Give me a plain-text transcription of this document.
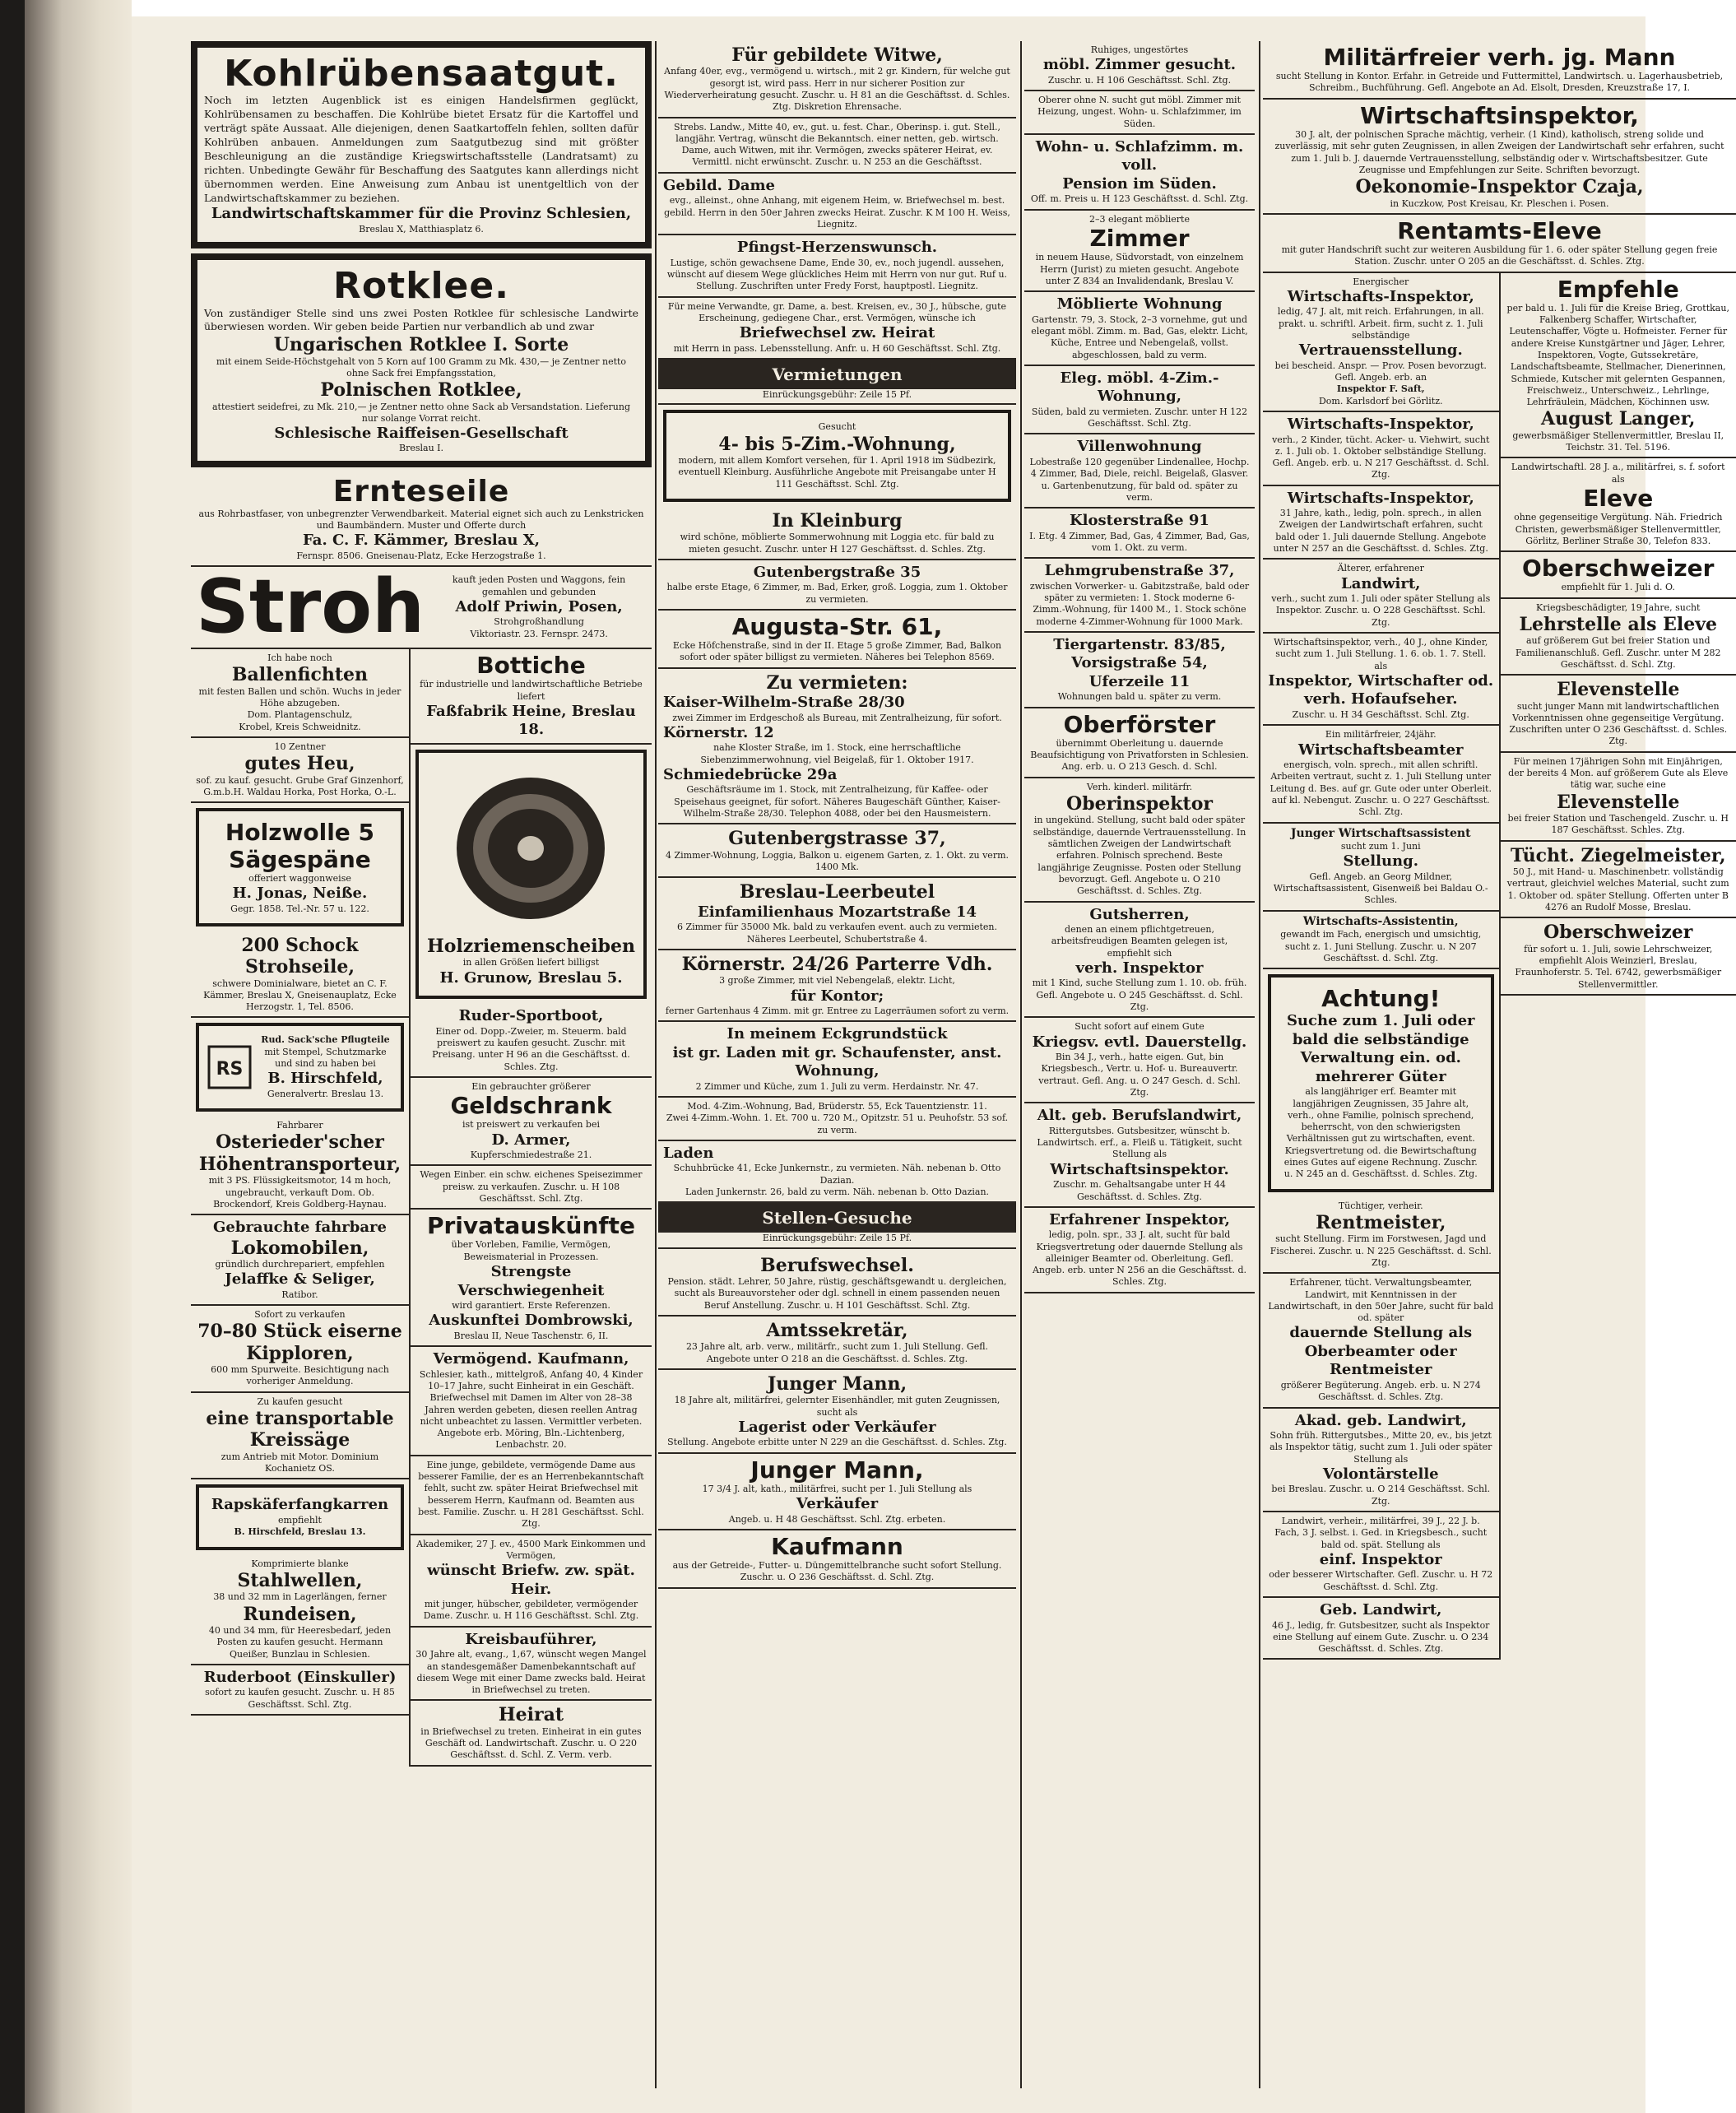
Kohlrübensaatgut.
Noch im letzten Augenblick ist es einigen Handelsfirmen geglückt, Kohlrübensamen zu beschaffen. Die Kohlrübe bietet Ersatz für die Kartoffel und verträgt späte Aussaat. Alle diejenigen, denen Saatkartoffeln fehlen, sollten dafür Kohlrüben anbauen. Anmeldungen zum Saatgutbezug sind mit größter Beschleunigung an die zuständige Kriegswirtschaftsstelle (Landratsamt) zu richten. Unbedingte Gewähr für Beschaffung des Saatgutes kann allerdings nicht übernommen werden. Eine Anweisung zum Anbau ist unentgeltlich von der Landwirtschaftskammer zu beziehen.
Landwirtschaftskammer für die Provinz Schlesien,
Breslau X, Matthiasplatz 6.
Rotklee.
Von zuständiger Stelle sind uns zwei Posten Rotklee für schlesische Landwirte überwiesen worden. Wir geben beide Partien nur verbandlich ab und zwar
Ungarischen Rotklee I. Sorte
mit einem Seide-Höchstgehalt von 5 Korn auf 100 Gramm zu Mk. 430,— je Zentner netto ohne Sack frei Empfangsstation,
Polnischen Rotklee,
attestiert seidefrei, zu Mk. 210,— je Zentner netto ohne Sack ab Versandstation. Lieferung nur solange Vorrat reicht.
Schlesische Raiffeisen-Gesellschaft
Breslau I.
Ernteseile
aus Rohrbastfaser, von unbegrenzter Verwendbarkeit. Material eignet sich auch zu Lenkstricken und Baumbändern. Muster und Offerte durch
Fa. C. F. Kämmer, Breslau X,
Fernspr. 8506. Gneisenau-Platz, Ecke Herzogstraße 1.
Stroh	kauft jeden Posten und Waggons, fein gemahlen und gebunden
Adolf Priwin, Posen,
Strohgroßhandlung
Viktoriastr. 23. Fernspr. 2473.
Ich habe noch
Ballenfichten
mit festen Ballen und schön. Wuchs in jeder Höhe abzugeben.
Dom. Plantagenschulz,
Krobel, Kreis Schweidnitz.
10 Zentner
gutes Heu,
sof. zu kauf. gesucht. Grube Graf Ginzenhorf, G.m.b.H. Waldau Horka, Post Horka, O.-L.
Holzwolle 5
Sägespäne
offeriert waggonweise
H. Jonas, Neiße.
Gegr. 1858. Tel.-Nr. 57 u. 122.
200 Schock Strohseile,
schwere Dominialware, bietet an C. F. Kämmer, Breslau X, Gneisenauplatz, Ecke Herzogstr. 1, Tel. 8506.
RS
Rud. Sack'sche Pflugteile
mit Stempel, Schutzmarke und sind zu haben bei
B. Hirschfeld,
Generalvertr. Breslau 13.
Fahrbarer
Osterieder'scher
Höhentransporteur,
mit 3 PS. Flüssigkeitsmotor, 14 m hoch, ungebraucht, verkauft Dom. Ob. Brockendorf, Kreis Goldberg-Haynau.
Gebrauchte fahrbare
Lokomobilen,
gründlich durchrepariert, empfehlen
Jelaffke & Seliger,
Ratibor.
Sofort zu verkaufen
70–80 Stück eiserne Kipploren,
600 mm Spurweite. Besichtigung nach vorheriger Anmeldung.
Zu kaufen gesucht
eine transportable Kreissäge
zum Antrieb mit Motor. Dominium Kochanietz OS.
Rapskäferfangkarren
empfiehlt
B. Hirschfeld, Breslau 13.
Komprimierte blanke
Stahlwellen,
38 und 32 mm in Lagerlängen, ferner
Rundeisen,
40 und 34 mm, für Heeresbedarf, jeden Posten zu kaufen gesucht. Hermann Queißer, Bunzlau in Schlesien.
Ruderboot (Einskuller)
sofort zu kaufen gesucht. Zuschr. u. H 85 Geschäftsst. Schl. Ztg.
Bottiche
für industrielle und landwirtschaftliche Betriebe liefert
Faßfabrik Heine, Breslau 18.
Holzriemenscheiben
in allen Größen liefert billigst
H. Grunow, Breslau 5.
Ruder-Sportboot,
Einer od. Dopp.-Zweier, m. Steuerm. bald preiswert zu kaufen gesucht. Zuschr. mit Preisang. unter H 96 an die Geschäftsst. d. Schles. Ztg.
Ein gebrauchter größerer
Geldschrank
ist preiswert zu verkaufen bei
D. Armer,
Kupferschmiedestraße 21.
Wegen Einber. ein schw. eichenes Speisezimmer preisw. zu verkaufen. Zuschr. u. H 108 Geschäftsst. Schl. Ztg.
Privatauskünfte
über Vorleben, Familie, Vermögen, Beweismaterial in Prozessen.
Strengste Verschwiegenheit
wird garantiert. Erste Referenzen.
Auskunftei Dombrowski,
Breslau II, Neue Taschenstr. 6, II.
Vermögend. Kaufmann,
Schlesier, kath., mittelgroß, Anfang 40, 4 Kinder 10–17 Jahre, sucht Einheirat in ein Geschäft. Briefwechsel mit Damen im Alter von 28–38 Jahren werden gebeten, diesen reellen Antrag nicht unbeachtet zu lassen. Vermittler verbeten. Angebote erb. Möring, Bln.-Lichtenberg, Lenbachstr. 20.
Eine junge, gebildete, vermögende Dame aus besserer Familie, der es an Herrenbekanntschaft fehlt, sucht zw. später Heirat Briefwechsel mit besserem Herrn, Kaufmann od. Beamten aus best. Familie. Zuschr. u. H 281 Geschäftsst. Schl. Ztg.
Akademiker, 27 J. ev., 4500 Mark Einkommen und Vermögen,
wünscht Briefw. zw. spät. Heir.
mit junger, hübscher, gebildeter, vermögender Dame. Zuschr. u. H 116 Geschäftsst. Schl. Ztg.
Kreisbauführer,
30 Jahre alt, evang., 1,67, wünscht wegen Mangel an standesgemäßer Damenbekanntschaft auf diesem Wege mit einer Dame zwecks bald. Heirat in Briefwechsel zu treten.
Heirat
in Briefwechsel zu treten. Einheirat in ein gutes Geschäft od. Landwirtschaft. Zuschr. u. O 220 Geschäftsst. d. Schl. Z. Verm. verb.
Für gebildete Witwe,
Anfang 40er, evg., vermögend u. wirtsch., mit 2 gr. Kindern, für welche gut gesorgt ist, wird pass. Herr in nur sicherer Position zur Wiederverheiratung gesucht. Zuschr. u. H 81 an die Geschäftsst. d. Schles. Ztg. Diskretion Ehrensache.
Strebs. Landw., Mitte 40, ev., gut. u. fest. Char., Oberinsp. i. gut. Stell., langjähr. Vertrag, wünscht die Bekanntsch. einer netten, geb. wirtsch. Dame, auch Witwen, mit ihr. Vermögen, zwecks späterer Heirat, ev. Vermittl. nicht erwünscht. Zuschr. u. N 253 an die Geschäftsst.
Gebild. Dame
evg., alleinst., ohne Anhang, mit eigenem Heim, w. Briefwechsel m. best. gebild. Herrn in den 50er Jahren zwecks Heirat. Zuschr. K M 100 H. Weiss, Liegnitz.
Pfingst-Herzenswunsch.
Lustige, schön gewachsene Dame, Ende 30, ev., noch jugendl. aussehen, wünscht auf diesem Wege glückliches Heim mit Herrn von nur gut. Ruf u. Stellung. Zuschriften unter Fredy Forst, hauptpostl. Liegnitz.
Für meine Verwandte, gr. Dame, a. best. Kreisen, ev., 30 J., hübsche, gute Erscheinung, gediegene Char., erst. Vermögen, wünsche ich
Briefwechsel zw. Heirat
mit Herrn in pass. Lebensstellung. Anfr. u. H 60 Geschäftsst. Schl. Ztg.
Vermietungen
Einrückungsgebühr: Zeile 15 Pf.
Gesucht
4- bis 5-Zim.-Wohnung,
modern, mit allem Komfort versehen, für 1. April 1918 im Südbezirk, eventuell Kleinburg. Ausführliche Angebote mit Preisangabe unter H 111 Geschäftsst. Schl. Ztg.
In Kleinburg
wird schöne, möblierte Sommerwohnung mit Loggia etc. für bald zu mieten gesucht. Zuschr. unter H 127 Geschäftsst. d. Schles. Ztg.
Gutenbergstraße 35
halbe erste Etage, 6 Zimmer, m. Bad, Erker, groß. Loggia, zum 1. Oktober zu vermieten.
Augusta-Str. 61,
Ecke Höfchenstraße, sind in der II. Etage 5 große Zimmer, Bad, Balkon sofort oder später billigst zu vermieten. Näheres bei Telephon 8569.
Zu vermieten:
Kaiser-Wilhelm-Straße 28/30
zwei Zimmer im Erdgeschoß als Bureau, mit Zentralheizung, für sofort.
Körnerstr. 12
nahe Kloster Straße, im 1. Stock, eine herrschaftliche Siebenzimmerwohnung, viel Beigelaß, für 1. Oktober 1917.
Schmiedebrücke 29a
Geschäftsräume im 1. Stock, mit Zentralheizung, für Kaffee- oder Speisehaus geeignet, für sofort. Näheres Baugeschäft Günther, Kaiser-Wilhelm-Straße 28/30. Telephon 4088, oder bei den Hausmeistern.
Gutenbergstrasse 37,
4 Zimmer-Wohnung, Loggia, Balkon u. eigenem Garten, z. 1. Okt. zu verm. 1400 Mk.
Breslau-Leerbeutel
Einfamilienhaus Mozartstraße 14
6 Zimmer für 35000 Mk. bald zu verkaufen event. auch zu vermieten. Näheres Leerbeutel, Schubertstraße 4.
Körnerstr. 24/26 Parterre Vdh.
3 große Zimmer, mit viel Nebengelaß, elektr. Licht,
für Kontor;
ferner Gartenhaus 4 Zimm. mit gr. Entree zu Lagerräumen sofort zu verm.
In meinem Eckgrundstück
ist gr. Laden mit gr. Schaufenster, anst. Wohnung,
2 Zimmer und Küche, zum 1. Juli zu verm. Herdainstr. Nr. 47.
Mod. 4-Zim.-Wohnung, Bad, Brüderstr. 55, Eck Tauentzienstr. 11.
Zwei 4-Zimm.-Wohn. 1. Et. 700 u. 720 M., Opitzstr. 51 u. Peuhofstr. 53 sof. zu verm.
Laden
Schuhbrücke 41, Ecke Junkernstr., zu vermieten. Näh. nebenan b. Otto Dazian.
Laden Junkernstr. 26, bald zu verm. Näh. nebenan b. Otto Dazian.
Stellen-Gesuche
Einrückungsgebühr: Zeile 15 Pf.
Berufswechsel.
Pension. städt. Lehrer, 50 Jahre, rüstig, geschäftsgewandt u. dergleichen, sucht als Bureauvorsteher oder dgl. schnell in einem passenden neuen Beruf Anstellung. Zuschr. u. H 101 Geschäftsst. Schl. Ztg.
Amtssekretär,
23 Jahre alt, arb. verw., militärfr., sucht zum 1. Juli Stellung. Gefl. Angebote unter O 218 an die Geschäftsst. d. Schles. Ztg.
Junger Mann,
18 Jahre alt, militärfrei, gelernter Eisenhändler, mit guten Zeugnissen, sucht als
Lagerist oder Verkäufer
Stellung. Angebote erbitte unter N 229 an die Geschäftsst. d. Schles. Ztg.
Junger Mann,
17 3/4 J. alt, kath., militärfrei, sucht per 1. Juli Stellung als
Verkäufer
Angeb. u. H 48 Geschäftsst. Schl. Ztg. erbeten.
Kaufmann
aus der Getreide-, Futter- u. Düngemittelbranche sucht sofort Stellung. Zuschr. u. O 236 Geschäftsst. d. Schl. Ztg.
Ruhiges, ungestörtes
möbl. Zimmer gesucht.
Zuschr. u. H 106 Geschäftsst. Schl. Ztg.
Oberer ohne N. sucht gut möbl. Zimmer mit Heizung, ungest. Wohn- u. Schlafzimmer, im Süden.
Wohn- u. Schlafzimm. m. voll.
Pension im Süden.
Off. m. Preis u. H 123 Geschäftsst. d. Schl. Ztg.
2–3 elegant möblierte
Zimmer
in neuem Hause, Südvorstadt, von einzelnem Herrn (Jurist) zu mieten gesucht. Angebote unter Z 834 an Invalidendank, Breslau V.
Möblierte Wohnung
Gartenstr. 79, 3. Stock, 2–3 vornehme, gut und elegant möbl. Zimm. m. Bad, Gas, elektr. Licht, Küche, Entree und Nebengelaß, vollst. abgeschlossen, bald zu verm.
Eleg. möbl. 4-Zim.-Wohnung,
Süden, bald zu vermieten. Zuschr. unter H 122 Geschäftsst. Schl. Ztg.
Villenwohnung
Lobestraße 120 gegenüber Lindenallee, Hochp. 4 Zimmer, Bad, Diele, reichl. Beigelaß, Glasver. u. Gartenbenutzung, für bald od. später zu verm.
Klosterstraße 91
I. Etg. 4 Zimmer, Bad, Gas, 4 Zimmer, Bad, Gas, vom 1. Okt. zu verm.
Lehmgrubenstraße 37,
zwischen Vorwerker- u. Gabitzstraße, bald oder später zu vermieten: 1. Stock moderne 6-Zimm.-Wohnung, für 1400 M., 1. Stock schöne moderne 4-Zimmer-Wohnung für 1000 Mark.
Tiergartenstr. 83/85,
Vorsigstraße 54,
Uferzeile 11
Wohnungen bald u. später zu verm.
Oberförster
übernimmt Oberleitung u. dauernde Beaufsichtigung von Privatforsten in Schlesien. Ang. erb. u. O 213 Gesch. d. Schl.
Verh. kinderl. militärfr.
Oberinspektor
in ungekünd. Stellung, sucht bald oder später selbständige, dauernde Vertrauensstellung. In sämtlichen Zweigen der Landwirtschaft erfahren. Polnisch sprechend. Beste langjährige Zeugnisse. Posten oder Stellung bevorzugt. Gefl. Angebote u. O 210 Geschäftsst. d. Schles. Ztg.
Gutsherren,
denen an einem pflichtgetreuen, arbeitsfreudigen Beamten gelegen ist, empfiehlt sich
verh. Inspektor
mit 1 Kind, suche Stellung zum 1. 10. ob. früh. Gefl. Angebote u. O 245 Geschäftsst. d. Schl. Ztg.
Sucht sofort auf einem Gute
Kriegsv. evtl. Dauerstellg.
Bin 34 J., verh., hatte eigen. Gut, bin Kriegsbesch., Vertr. u. Hof- u. Bureauvertr. vertraut. Gefl. Ang. u. O 247 Gesch. d. Schl. Ztg.
Alt. geb. Berufslandwirt,
Rittergutsbes. Gutsbesitzer, wünscht b. Landwirtsch. erf., a. Fleiß u. Tätigkeit, sucht Stellung als
Wirtschaftsinspektor.
Zuschr. m. Gehaltsangabe unter H 44 Geschäftsst. d. Schles. Ztg.
Erfahrener Inspektor,
ledig, poln. spr., 33 J. alt, sucht für bald Kriegsvertretung oder dauernde Stellung als alleiniger Beamter od. Oberleitung. Gefl. Angeb. erb. unter N 256 an die Geschäftsst. d. Schles. Ztg.
Militärfreier verh. jg. Mann
sucht Stellung in Kontor. Erfahr. in Getreide und Futtermittel, Landwirtsch. u. Lagerhausbetrieb, Schreibm., Buchführung. Gefl. Angebote an Ad. Elsolt, Dresden, Kreuzstraße 17, I.
Wirtschaftsinspektor,
30 J. alt, der polnischen Sprache mächtig, verheir. (1 Kind), katholisch, streng solide und zuverlässig, mit sehr guten Zeugnissen, in allen Zweigen der Landwirtschaft sehr erfahren, sucht zum 1. Juli b. J. dauernde Vertrauensstellung, selbständig oder v. Wirtschaftsbesitzer. Gute Zeugnisse und Empfehlungen zur Seite. Schriften bevorzugt.
Oekonomie-Inspektor Czaja,
in Kuczkow, Post Kreisau, Kr. Pleschen i. Posen.
Rentamts-Eleve
mit guter Handschrift sucht zur weiteren Ausbildung für 1. 6. oder später Stellung gegen freie Station. Zuschr. unter O 205 an die Geschäftsst. d. Schles. Ztg.
Energischer
Wirtschafts-Inspektor,
ledig, 47 J. alt, mit reich. Erfahrungen, in all. prakt. u. schriftl. Arbeit. firm, sucht z. 1. Juli selbständige
Vertrauensstellung.
bei bescheid. Anspr. — Prov. Posen bevorzugt. Gefl. Angeb. erb. an
Inspektor F. Saft,
Dom. Karlsdorf bei Görlitz.
Wirtschafts-Inspektor,
verh., 2 Kinder, tücht. Acker- u. Viehwirt, sucht z. 1. Juli ob. 1. Oktober selbständige Stellung. Gefl. Angeb. erb. u. N 217 Geschäftsst. d. Schl. Ztg.
Wirtschafts-Inspektor,
31 Jahre, kath., ledig, poln. sprech., in allen Zweigen der Landwirtschaft erfahren, sucht bald oder 1. Juli dauernde Stellung. Angebote unter N 257 an die Geschäftsst. d. Schles. Ztg.
Älterer, erfahrener
Landwirt,
verh., sucht zum 1. Juli oder später Stellung als Inspektor. Zuschr. u. O 228 Geschäftsst. Schl. Ztg.
Wirtschaftsinspektor, verh., 40 J., ohne Kinder, sucht zum 1. Juli Stellung. 1. 6. ob. 1. 7. Stell. als
Inspektor, Wirtschafter od. verh. Hofaufseher.
Zuschr. u. H 34 Geschäftsst. Schl. Ztg.
Ein militärfreier, 24jähr.
Wirtschaftsbeamter
energisch, voln. sprech., mit allen schriftl. Arbeiten vertraut, sucht z. 1. Juli Stellung unter Leitung d. Bes. auf gr. Gute oder unter Oberleit. auf kl. Nebengut. Zuschr. u. O 227 Geschäftsst. Schl. Ztg.
Junger Wirtschaftsassistent
sucht zum 1. Juni
Stellung.
Gefl. Angeb. an Georg Mildner, Wirtschaftsassistent, Gisenweiß bei Baldau O.-Schles.
Wirtschafts-Assistentin,
gewandt im Fach, energisch und umsichtig, sucht z. 1. Juni Stellung. Zuschr. u. N 207 Geschäftsst. d. Schl. Ztg.
Achtung!
Suche zum 1. Juli oder bald die selbständige Verwaltung ein. od. mehrerer Güter
als langjähriger erf. Beamter mit langjährigen Zeugnissen, 35 Jahre alt, verh., ohne Familie, polnisch sprechend, beherrscht, von den schwierigsten Verhältnissen gut zu wirtschaften, event. Kriegsvertretung od. die Bewirtschaftung eines Gutes auf eigene Rechnung. Zuschr. u. N 245 an d. Geschäftsst. d. Schles. Ztg.
Tüchtiger, verheir.
Rentmeister,
sucht Stellung. Firm im Forstwesen, Jagd und Fischerei. Zuschr. u. N 225 Geschäftsst. d. Schl. Ztg.
Erfahrener, tücht. Verwaltungsbeamter, Landwirt, mit Kenntnissen in der Landwirtschaft, in den 50er Jahre, sucht für bald od. später
dauernde Stellung als Oberbeamter oder Rentmeister
größerer Begüterung. Angeb. erb. u. N 274 Geschäftsst. d. Schles. Ztg.
Akad. geb. Landwirt,
Sohn früh. Rittergutsbes., Mitte 20, ev., bis jetzt als Inspektor tätig, sucht zum 1. Juli oder später Stellung als
Volontärstelle
bei Breslau. Zuschr. u. O 214 Geschäftsst. Schl. Ztg.
Landwirt, verheir., militärfrei, 39 J., 22 J. b. Fach, 3 J. selbst. i. Ged. in Kriegsbesch., sucht bald od. spät. Stellung als
einf. Inspektor
oder besserer Wirtschafter. Gefl. Zuschr. u. H 72 Geschäftsst. d. Schl. Ztg.
Geb. Landwirt,
46 J., ledig, fr. Gutsbesitzer, sucht als Inspektor eine Stellung auf einem Gute. Zuschr. u. O 234 Geschäftsst. d. Schles. Ztg.
Empfehle
per bald u. 1. Juli für die Kreise Brieg, Grottkau, Falkenberg Schaffer, Wirtschafter, Leutenschaffer, Vögte u. Hofmeister. Ferner für andere Kreise Kunstgärtner und Jäger, Lehrer, Inspektoren, Vogte, Gutssekretäre, Landschaftsbeamte, Stellmacher, Dienerinnen, Schmiede, Kutscher mit gelernten Gespannen, Freischweiz., Unterschweiz., Lehrlinge, Lehrfräulein, Mädchen, Köchinnen usw.
August Langer,
gewerbsmäßiger Stellenvermittler, Breslau II, Teichstr. 31. Tel. 5196.
Landwirtschaftl. 28 J. a., militärfrei, s. f. sofort als
Eleve
ohne gegenseitige Vergütung. Näh. Friedrich Christen, gewerbsmäßiger Stellenvermittler, Görlitz, Berliner Straße 30, Telefon 833.
Oberschweizer
empfiehlt für 1. Juli d. O.
Kriegsbeschädigter, 19 Jahre, sucht
Lehrstelle als Eleve
auf größerem Gut bei freier Station und Familienanschluß. Gefl. Zuschr. unter M 282 Geschäftsst. d. Schl. Ztg.
Elevenstelle
sucht junger Mann mit landwirtschaftlichen Vorkenntnissen ohne gegenseitige Vergütung. Zuschriften unter O 236 Geschäftsst. d. Schles. Ztg.
Für meinen 17jährigen Sohn mit Einjährigen, der bereits 4 Mon. auf größerem Gute als Eleve tätig war, suche eine
Elevenstelle
bei freier Station und Taschengeld. Zuschr. u. H 187 Geschäftsst. Schles. Ztg.
Tücht. Ziegelmeister,
50 J., mit Hand- u. Maschinenbetr. vollständig vertraut, gleichviel welches Material, sucht zum 1. Oktober od. später Stellung. Offerten unter B 4276 an Rudolf Mosse, Breslau.
Oberschweizer
für sofort u. 1. Juli, sowie Lehrschweizer, empfiehlt Alois Weinzierl, Breslau, Fraunhoferstr. 5. Tel. 6742, gewerbsmäßiger Stellenvermittler.
